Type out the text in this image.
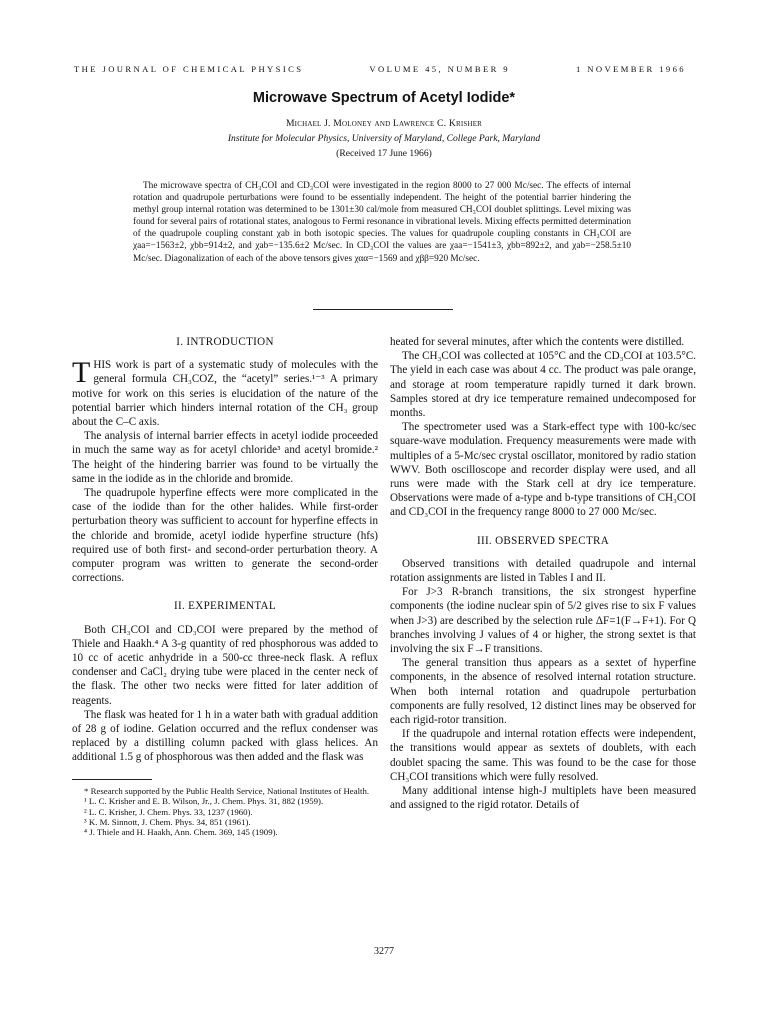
THE JOURNAL OF CHEMICAL PHYSICS	VOLUME 45, NUMBER 9	1 NOVEMBER 1966
Microwave Spectrum of Acetyl Iodide*
Michael J. Moloney and Lawrence C. Krisher
Institute for Molecular Physics, University of Maryland, College Park, Maryland
(Received 17 June 1966)

The microwave spectra of CH₃COI and CD₃COI were investigated in the region 8000 to 27 000 Mc/sec. The effects of internal rotation and quadrupole perturbations were found to be essentially independent. The height of the potential barrier hindering the methyl group internal rotation was determined to be 1301±30 cal/mole from measured CH₃COI doublet splittings. Level mixing was found for several pairs of rotational states, analogous to Fermi resonance in vibrational levels. Mixing effects permitted determination of the quadrupole coupling constant χab in both isotopic species. The values for quadrupole coupling constants in CH₃COI are χaa=−1563±2, χbb=914±2, and χab=−135.6±2 Mc/sec. In CD₃COI the values are χaa=−1541±3, χbb=892±2, and χab=−258.5±10 Mc/sec. Diagonalization of each of the above tensors gives χαα=−1569 and χββ=920 Mc/sec.

I. INTRODUCTION

THIS work is part of a systematic study of molecules with the general formula CH₃COZ, the “acetyl” series.¹⁻³ A primary motive for work on this series is elucidation of the nature of the potential barrier which hinders internal rotation of the CH₃ group about the C–C axis.

The analysis of internal barrier effects in acetyl iodide proceeded in much the same way as for acetyl chloride³ and acetyl bromide.² The height of the hindering barrier was found to be virtually the same in the iodide as in the chloride and bromide.

The quadrupole hyperfine effects were more complicated in the case of the iodide than for the other halides. While first-order perturbation theory was sufficient to account for hyperfine effects in the chloride and bromide, acetyl iodide hyperfine structure (hfs) required use of both first- and second-order perturbation theory. A computer program was written to generate the second-order corrections.

II. EXPERIMENTAL

Both CH₃COI and CD₃COI were prepared by the method of Thiele and Haakh.⁴ A 3-g quantity of red phosphorous was added to 10 cc of acetic anhydride in a 500-cc three-neck flask. A reflux condenser and CaCl₂ drying tube were placed in the center neck of the flask. The other two necks were fitted for later addition of reagents.

The flask was heated for 1 h in a water bath with gradual addition of 28 g of iodine. Gelation occurred and the reflux condenser was replaced by a distilling column packed with glass helices. An additional 1.5 g of phosphorous was then added and the flask was

* Research supported by the Public Health Service, National Institutes of Health.

¹ L. C. Krisher and E. B. Wilson, Jr., J. Chem. Phys. 31, 882 (1959).

² L. C. Krisher, J. Chem. Phys. 33, 1237 (1960).

³ K. M. Sinnott, J. Chem. Phys. 34, 851 (1961).

⁴ J. Thiele and H. Haakh, Ann. Chem. 369, 145 (1909).

heated for several minutes, after which the contents were distilled.

The CH₃COI was collected at 105°C and the CD₃COI at 103.5°C. The yield in each case was about 4 cc. The product was pale orange, and storage at room temperature rapidly turned it dark brown. Samples stored at dry ice temperature remained undecomposed for months.

The spectrometer used was a Stark-effect type with 100-kc/sec square-wave modulation. Frequency measurements were made with multiples of a 5-Mc/sec crystal oscillator, monitored by radio station WWV. Both oscilloscope and recorder display were used, and all runs were made with the Stark cell at dry ice temperature. Observations were made of a-type and b-type transitions of CH₃COI and CD₃COI in the frequency range 8000 to 27 000 Mc/sec.

III. OBSERVED SPECTRA

Observed transitions with detailed quadrupole and internal rotation assignments are listed in Tables I and II.

For J>3 R-branch transitions, the six strongest hyperfine components (the iodine nuclear spin of 5/2 gives rise to six F values when J>3) are described by the selection rule ΔF=1(F→F+1). For Q branches involving J values of 4 or higher, the strong sextet is that involving the six F→F transitions.

The general transition thus appears as a sextet of hyperfine components, in the absence of resolved internal rotation structure. When both internal rotation and quadrupole perturbation components are fully resolved, 12 distinct lines may be observed for each rigid-rotor transition.

If the quadrupole and internal rotation effects were independent, the transitions would appear as sextets of doublets, with each doublet spacing the same. This was found to be the case for those CH₃COI transitions which were fully resolved.

Many additional intense high-J multiplets have been measured and assigned to the rigid rotator. Details of

3277
